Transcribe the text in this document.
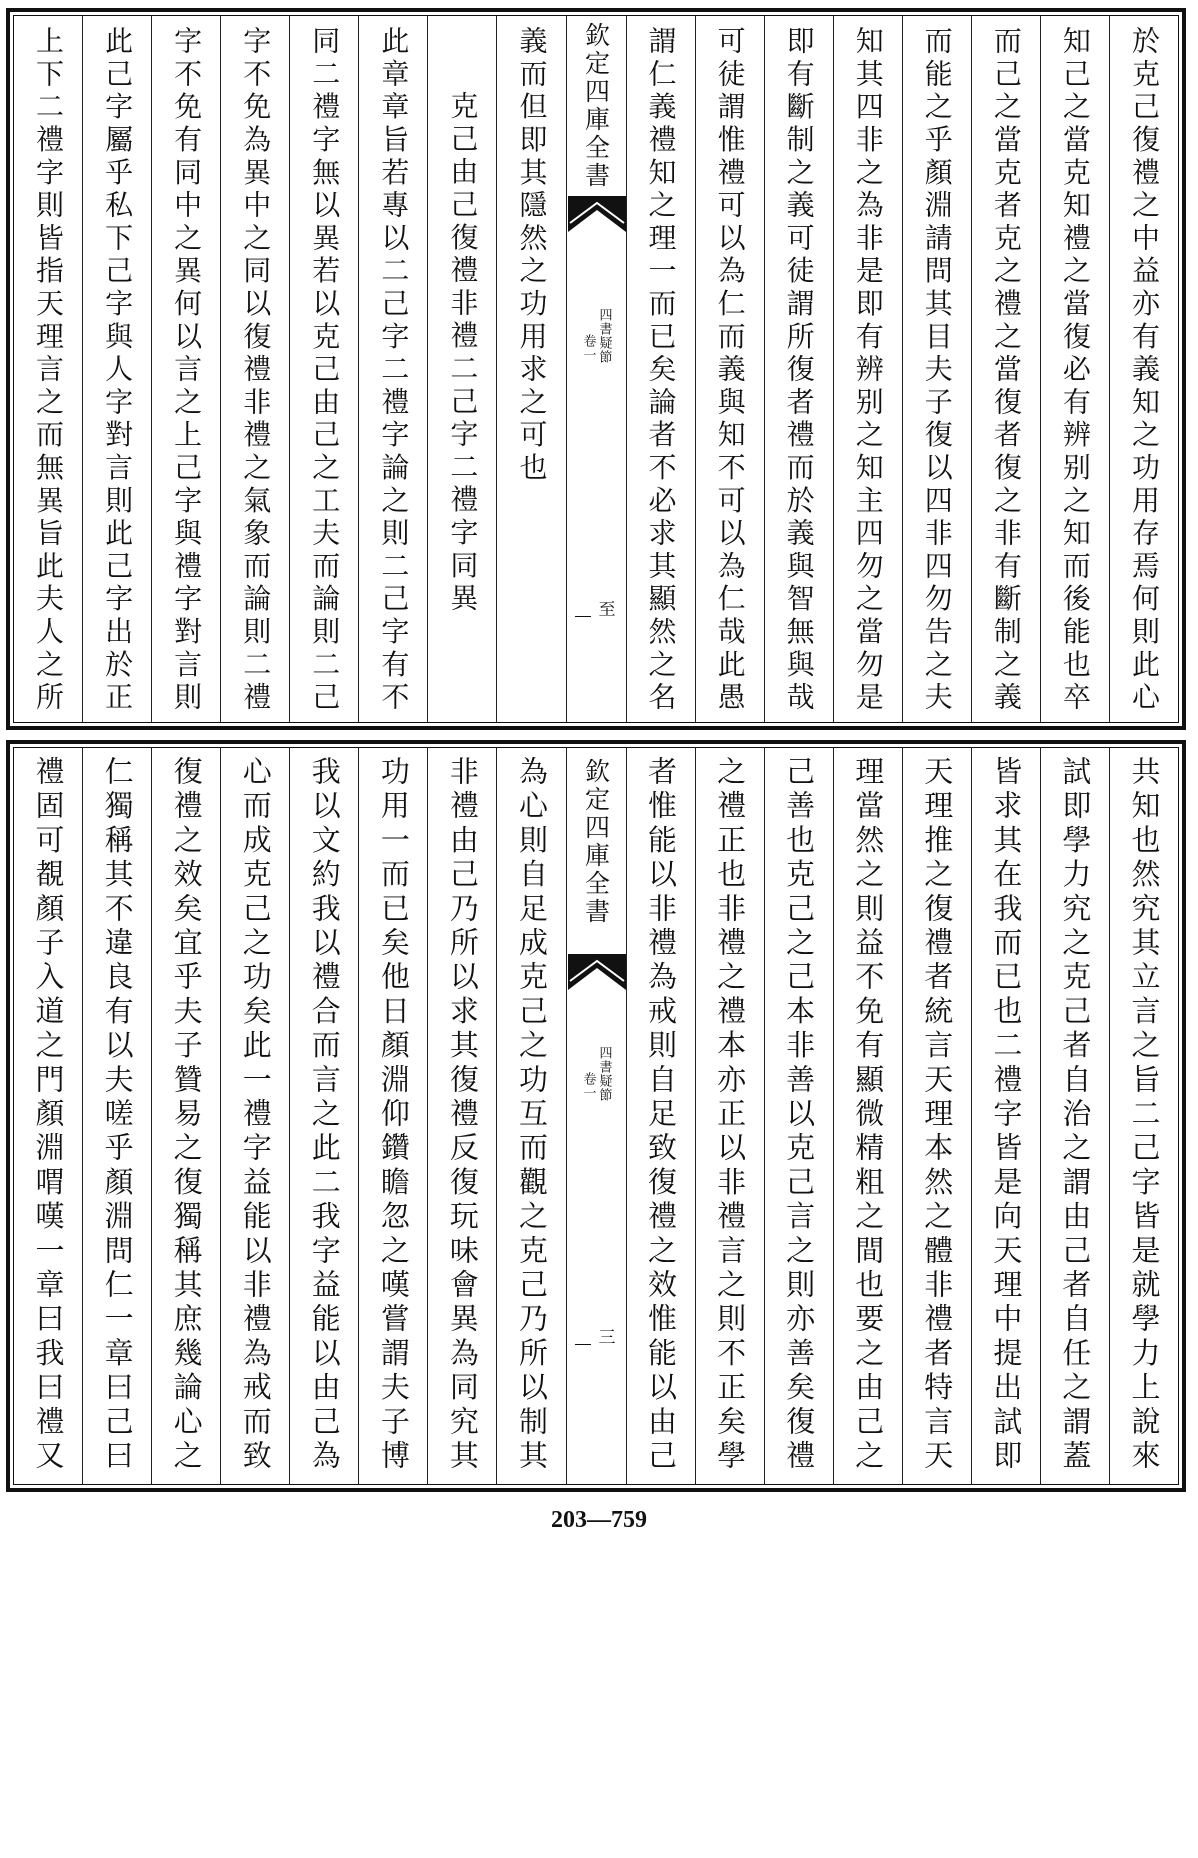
於克己復禮之中益亦有義知之功用存焉何則此心
知己之當克知禮之當復必有辨别之知而後能也卒
而己之當克者克之禮之當復者復之非有斷制之義
而能之乎顏淵請問其目夫子復以四非四勿告之夫
知其四非之為非是即有辨别之知主四勿之當勿是
即有斷制之義可徒謂所復者禮而於義與智無與哉
可徒謂惟禮可以為仁而義與知不可以為仁哉此愚
謂仁義禮知之理一而已矣論者不必求其顯然之名
欽定四庫全書
四書疑節
卷一
至
義而但即其隱然之功用求之可也
克己由己復禮非禮二己字二禮字同異
此章章旨若專以二己字二禮字論之則二己字有不
同二禮字無以異若以克己由己之工夫而論則二己
字不免為異中之同以復禮非禮之氣象而論則二禮
字不免有同中之異何以言之上己字與禮字對言則
此己字屬乎私下己字與人字對言則此己字出於正
上下二禮字則皆指天理言之而無異旨此夫人之所
共知也然究其立言之旨二己字皆是就學力上說來
試即學力究之克己者自治之謂由己者自任之謂蓋
皆求其在我而已也二禮字皆是向天理中提出試即
天理推之復禮者統言天理本然之體非禮者特言天
理當然之則益不免有顯微精粗之間也要之由己之
己善也克己之己本非善以克己言之則亦善矣復禮
之禮正也非禮之禮本亦正以非禮言之則不正矣學
者惟能以非禮為戒則自足致復禮之效惟能以由己
欽定四庫全書
四書疑節
卷一
三
為心則自足成克己之功互而觀之克己乃所以制其
非禮由己乃所以求其復禮反復玩味會異為同究其
功用一而已矣他日顏淵仰鑽瞻忽之嘆嘗謂夫子博
我以文約我以禮合而言之此二我字益能以由己為
心而成克己之功矣此一禮字益能以非禮為戒而致
復禮之效矣宜乎夫子贊易之復獨稱其庶幾論心之
仁獨稱其不違良有以夫嗟乎顏淵問仁一章曰己曰
禮固可覩顏子入道之門顏淵喟嘆一章曰我曰禮又
203—759
